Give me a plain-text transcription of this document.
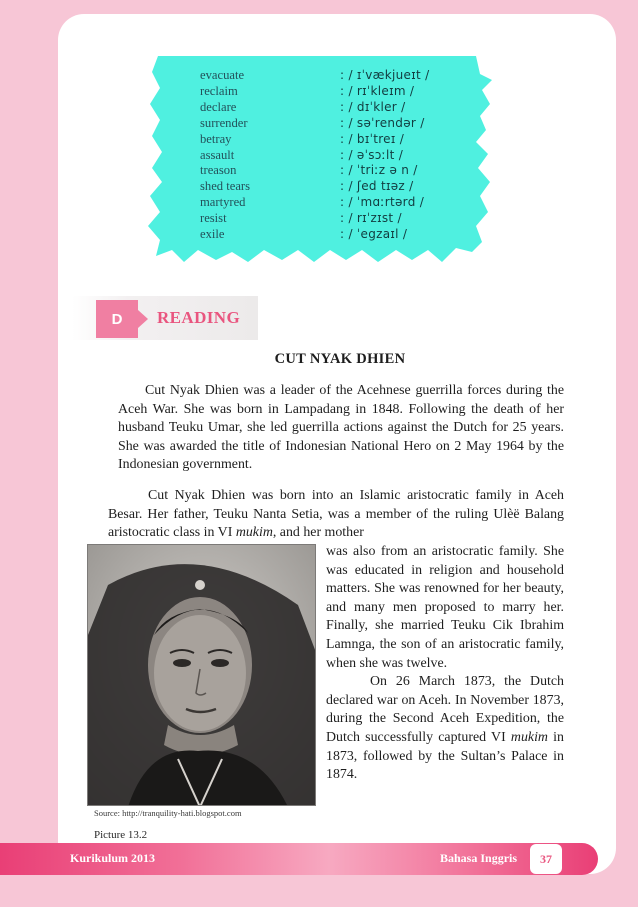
evacuate	: / ɪˈvækjueɪt /
reclaim	: / rɪˈkleɪm /
declare	: / dɪˈkler /
surrender	: / səˈrendər /
betray	: / bɪˈtreɪ /
assault	: / əˈsɔːlt /
treason	: / ˈtriːz ə n /
shed tears	: / ʃed tɪəz /
martyred	: / ˈmɑːrtərd /
resist	: / rɪˈzɪst /
exile	: / ˈegzaɪl /
D	READING
CUT NYAK DHIEN
Cut Nyak Dhien was a leader of the Acehnese guerrilla forces during the Aceh War. She was born in Lampadang in 1848. Following the death of her husband Teuku Umar, she led guerrilla actions against the Dutch for 25 years. She was awarded the title of Indonesian National Hero on 2 May 1964 by the Indonesian government.
Cut Nyak Dhien was born into an Islamic aristocratic family in Aceh Besar. Her father, Teuku Nanta Setia, was a member of the ruling Ulèë Balang aristocratic class in VI mukim, and her mother
was also from an aristocratic family. She was educated in religion and household matters. She was renowned for her beauty, and many men proposed to marry her. Finally, she married Teuku Cik Ibrahim Lamnga, the son of an aristocratic family, when she was twelve.
On 26 March 1873, the Dutch declared war on Aceh. In November 1873, during the Second Aceh Expedition, the Dutch successfully captured VI mukim in 1873, followed by the Sultan’s Palace in 1874.
Source: http://tranquility-hati.blogspot.com
Picture 13.2
Kurikulum 2013	Bahasa Inggris	37
